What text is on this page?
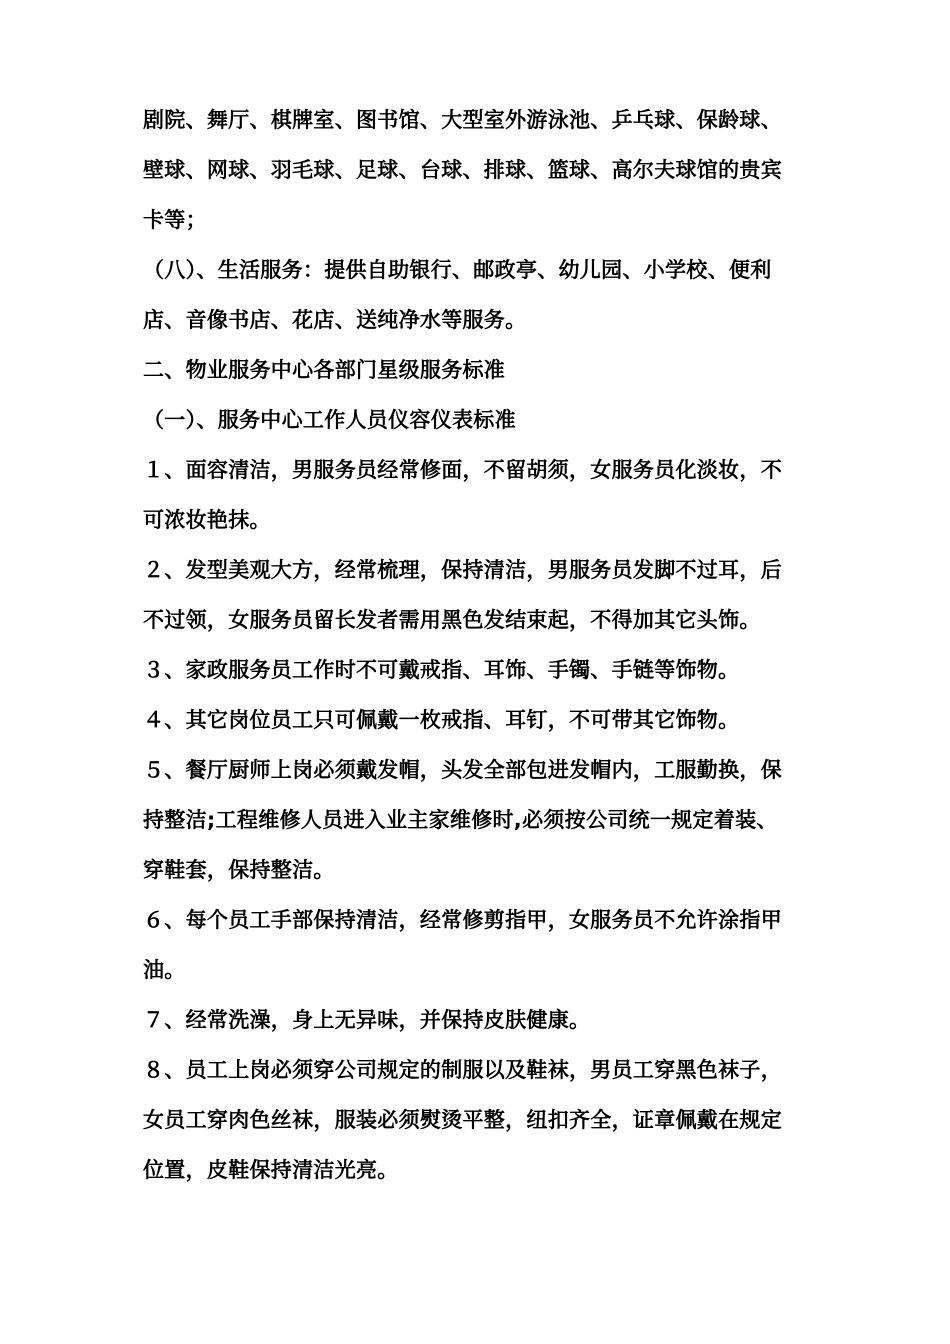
剧院、舞厅、棋牌室、图书馆、大型室外游泳池、乒乓球、保龄球、
壁球、网球、羽毛球、足球、台球、排球、篮球、高尔夫球馆的贵宾
卡等；
（八）、生活服务：提供自助银行、邮政亭、幼儿园、小学校、便利
店、音像书店、花店、送纯净水等服务。
二、物业服务中心各部门星级服务标准
（一）、服务中心工作人员仪容仪表标准
１、面容清洁，男服务员经常修面，不留胡须，女服务员化淡妆，不
可浓妆艳抹。
２、发型美观大方，经常梳理，保持清洁，男服务员发脚不过耳，后
不过领，女服务员留长发者需用黑色发结束起，不得加其它头饰。
３、家政服务员工作时不可戴戒指、耳饰、手镯、手链等饰物。
４、其它岗位员工只可佩戴一枚戒指、耳钉，不可带其它饰物。
５、餐厅厨师上岗必须戴发帽，头发全部包进发帽内，工服勤换，保
持整洁;工程维修人员进入业主家维修时,必须按公司统一规定着装、
穿鞋套，保持整洁。
６、每个员工手部保持清洁，经常修剪指甲，女服务员不允许涂指甲
油。
７、经常洗澡，身上无异味，并保持皮肤健康。
８、员工上岗必须穿公司规定的制服以及鞋袜，男员工穿黑色袜子，
女员工穿肉色丝袜，服装必须熨烫平整，纽扣齐全，证章佩戴在规定
位置，皮鞋保持清洁光亮。
